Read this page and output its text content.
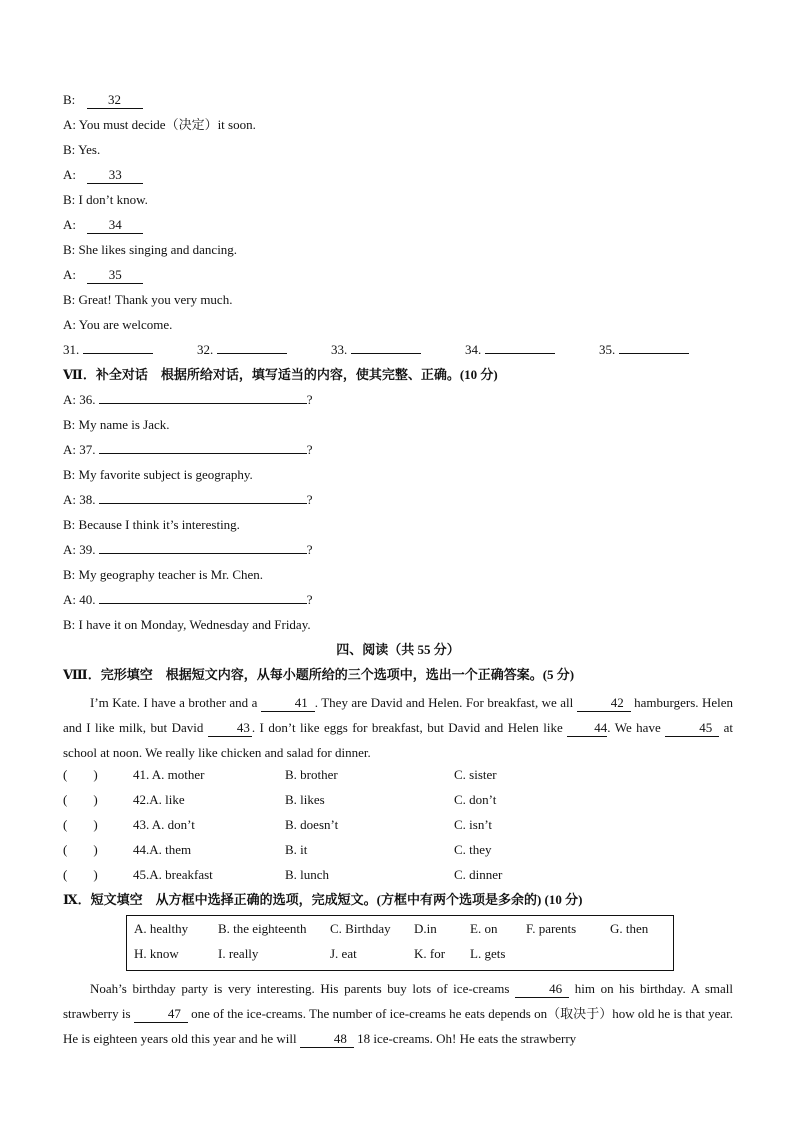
B:	32
A: You must decide（决定）it soon.
B: Yes.
A:	33
B: I don’t know.
A:	34
B: She likes singing and dancing.
A:	35
B: Great! Thank you very much.
A: You are welcome.
31.	32.	33.	34.	35.
Ⅶ．补全对话　根据所给对话，填写适当的内容，使其完整、正确。(10 分)
A: 36.	?
B: My name is Jack.
A: 37.	?
B: My favorite subject is geography.
A: 38.	?
B: Because I think it’s interesting.
A: 39.	?
B: My geography teacher is Mr. Chen.
A: 40.	?
B: I have it on Monday, Wednesday and Friday.
四、阅读（共 55 分）
Ⅷ．完形填空　根据短文内容，从每小题所给的三个选项中，选出一个正确答案。(5 分)
I’m Kate. I have a brother and a	41 . They are David and Helen. For breakfast, we all	42 hamburgers. Helen and I like milk, but David	43 . I don’t like eggs for breakfast, but David and Helen like 44. We have	45 at school at noon. We really like chicken and salad for dinner.
(　　)	41. A. mother	B. brother	C. sister
(　　)	42.A. like	B. likes	C. don’t
(　　)	43. A. don’t	B. doesn’t	C. isn’t
(　　)	44.A. them	B. it	C. they
(　　)	45.A. breakfast	B. lunch	C. dinner
Ⅸ．短文填空　从方框中选择正确的选项，完成短文。(方框中有两个选项是多余的) (10 分)
A. healthy	B. the eighteenth	C. Birthday	D.in	E. on	F. parents	G. then
H. know	I. really	J. eat	K. for	L. gets
Noah’s birthday party is very interesting. His parents buy lots of ice-creams	46 him on his birthday. A small strawberry is	47 one of the ice-creams. The number of ice-creams he eats depends on（取决于）how old he is that year. He is eighteen years old this year and he will	48 18 ice-creams. Oh! He eats the strawberry
